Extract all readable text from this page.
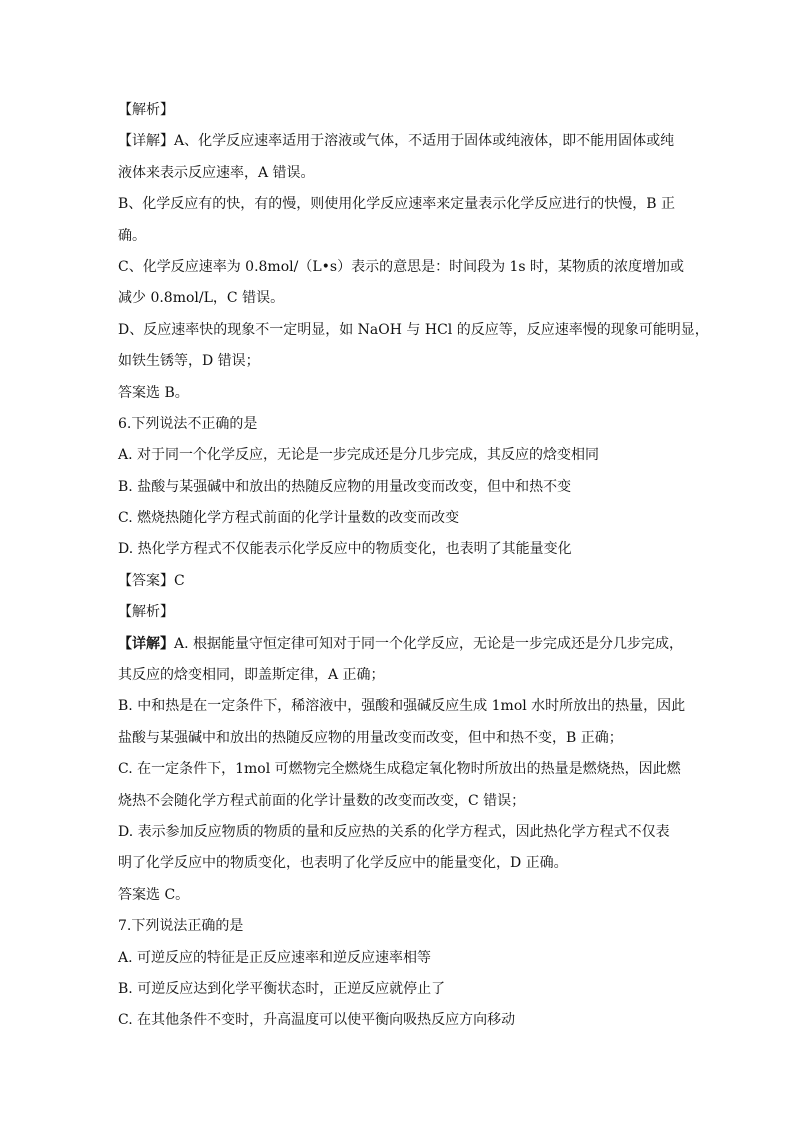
【解析】
【详解】A、化学反应速率适用于溶液或气体，不适用于固体或纯液体，即不能用固体或纯
液体来表示反应速率，A 错误。
B、化学反应有的快，有的慢，则使用化学反应速率来定量表示化学反应进行的快慢，B 正
确。
C、化学反应速率为 0.8mol/（L•s）表示的意思是：时间段为 1s 时，某物质的浓度增加或
减少 0.8mol/L，C 错误。
D、反应速率快的现象不一定明显，如 NaOH 与 HCl 的反应等，反应速率慢的现象可能明显，
如铁生锈等，D 错误；
答案选 B。
6.下列说法不正确的是
A. 对于同一个化学反应，无论是一步完成还是分几步完成，其反应的焓变相同
B. 盐酸与某强碱中和放出的热随反应物的用量改变而改变，但中和热不变
C. 燃烧热随化学方程式前面的化学计量数的改变而改变
D. 热化学方程式不仅能表示化学反应中的物质变化，也表明了其能量变化
【答案】C
【解析】
【详解】A. 根据能量守恒定律可知对于同一个化学反应，无论是一步完成还是分几步完成，
其反应的焓变相同，即盖斯定律，A 正确；
B. 中和热是在一定条件下，稀溶液中，强酸和强碱反应生成 1mol 水时所放出的热量，因此
盐酸与某强碱中和放出的热随反应物的用量改变而改变，但中和热不变，B 正确；
C. 在一定条件下，1mol 可燃物完全燃烧生成稳定氧化物时所放出的热量是燃烧热，因此燃
烧热不会随化学方程式前面的化学计量数的改变而改变，C 错误；
D. 表示参加反应物质的物质的量和反应热的关系的化学方程式，因此热化学方程式不仅表
明了化学反应中的物质变化，也表明了化学反应中的能量变化，D 正确。
答案选 C。
7.下列说法正确的是
A. 可逆反应的特征是正反应速率和逆反应速率相等
B. 可逆反应达到化学平衡状态时，正逆反应就停止了
C. 在其他条件不变时，升高温度可以使平衡向吸热反应方向移动
